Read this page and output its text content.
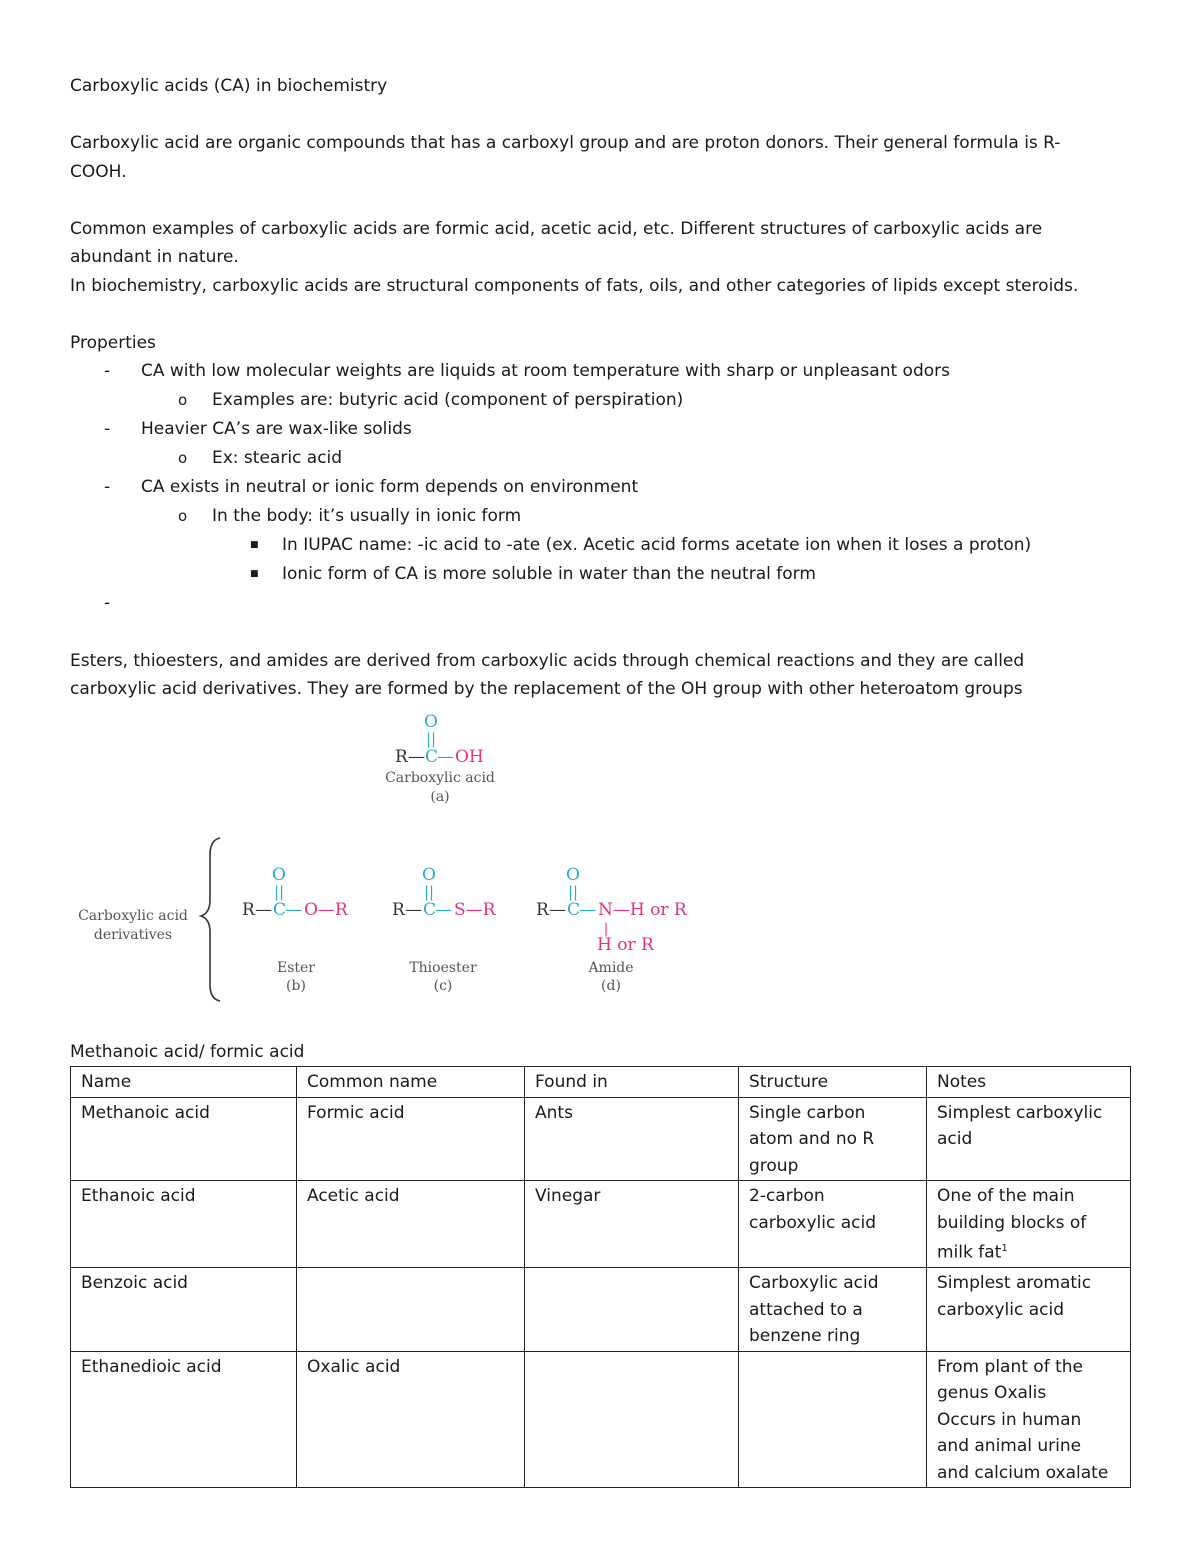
Carboxylic acids (CA) in biochemistry

Carboxylic acid are organic compounds that has a carboxyl group and are proton donors. Their general formula is R-

COOH.

Common examples of carboxylic acids are formic acid, acetic acid, etc. Different structures of carboxylic acids are

abundant in nature.

In biochemistry, carboxylic acids are structural components of fats, oils, and other categories of lipids except steroids.

Properties

- CA with low molecular weights are liquids at room temperature with sharp or unpleasant odors
o Examples are: butyric acid (component of perspiration)
- Heavier CA’s are wax-like solids
o Ex: stearic acid
- CA exists in neutral or ionic form depends on environment
o In the body: it’s usually in ionic form
■ In IUPAC name: -ic acid to -ate (ex. Acetic acid forms acetate ion when it loses a proton)
■ Ionic form of CA is more soluble in water than the neutral form
-

Esters, thioesters, and amides are derived from carboxylic acids through chemical reactions and they are called

carboxylic acid derivatives. They are formed by the replacement of the OH group with other heteroatom groups

O
||
R — C
— OH
Carboxylic acid
(a)
Carboxylic acid
derivatives
O
||
R — C
— O—R
Ester
(b)
O
||
R — C
— S—R
Thioester
(c)
O
||
R — C
— N—H or R
|
H or R
Amide
(d)

Methanoic acid/ formic acid

Name	Common name	Found in	Structure	Notes
Methanoic acid	Formic acid	Ants	Single carbon
atom and no R
group	Simplest carboxylic
acid
Ethanoic acid	Acetic acid	Vinegar	2-carbon
carboxylic acid	One of the main
building blocks of
milk fat$^1$
Benzoic acid			Carboxylic acid
attached to a
benzene ring	Simplest aromatic
carboxylic acid
Ethanedioic acid	Oxalic acid			From plant of the
genus Oxalis
Occurs in human
and animal urine
and calcium oxalate
